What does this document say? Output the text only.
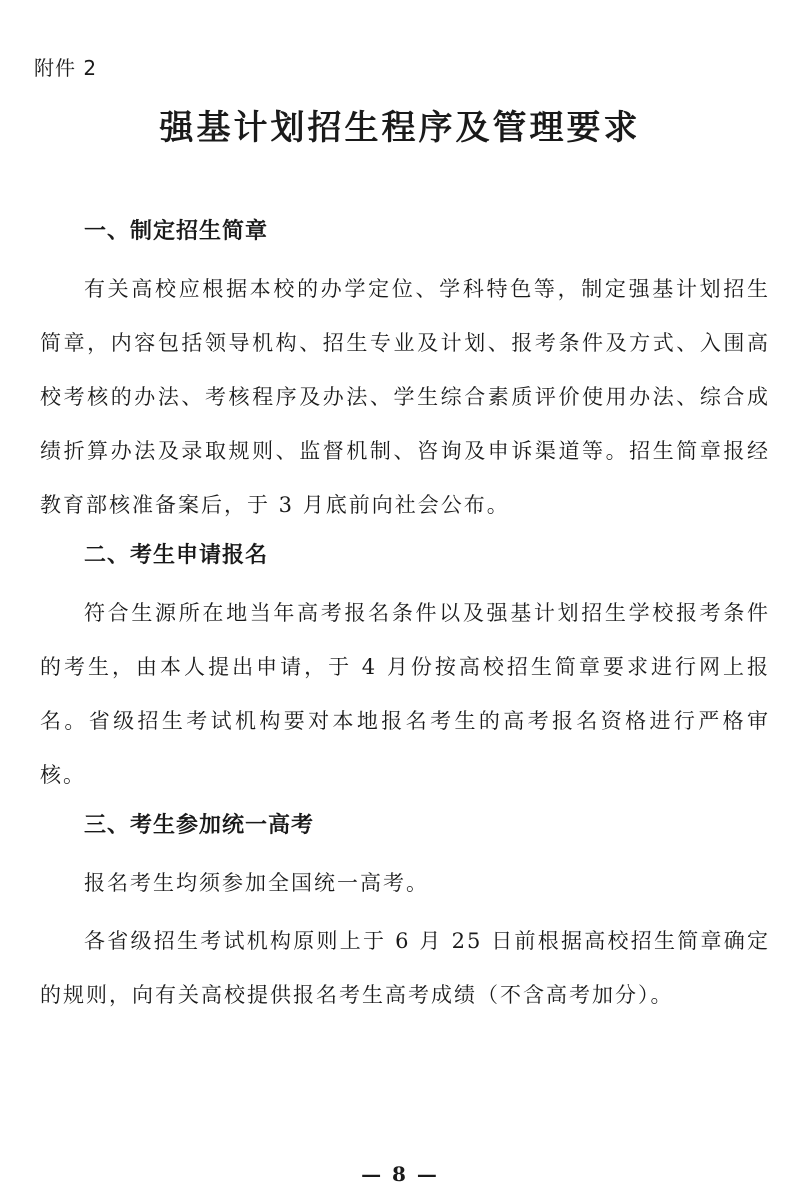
附件 2
强基计划招生程序及管理要求
一、制定招生简章

有关高校应根据本校的办学定位、学科特色等，制定强基计划招生简章，内容包括领导机构、招生专业及计划、报考条件及方式、入围高校考核的办法、考核程序及办法、学生综合素质评价使用办法、综合成绩折算办法及录取规则、监督机制、咨询及申诉渠道等。招生简章报经教育部核准备案后，于 3 月底前向社会公布。

二、考生申请报名

符合生源所在地当年高考报名条件以及强基计划招生学校报考条件的考生，由本人提出申请，于 4 月份按高校招生简章要求进行网上报名。省级招生考试机构要对本地报名考生的高考报名资格进行严格审核。

三、考生参加统一高考

报名考生均须参加全国统一高考。

各省级招生考试机构原则上于 6 月 25 日前根据高校招生简章确定的规则，向有关高校提供报名考生高考成绩（不含高考加分）。

— 8 —
